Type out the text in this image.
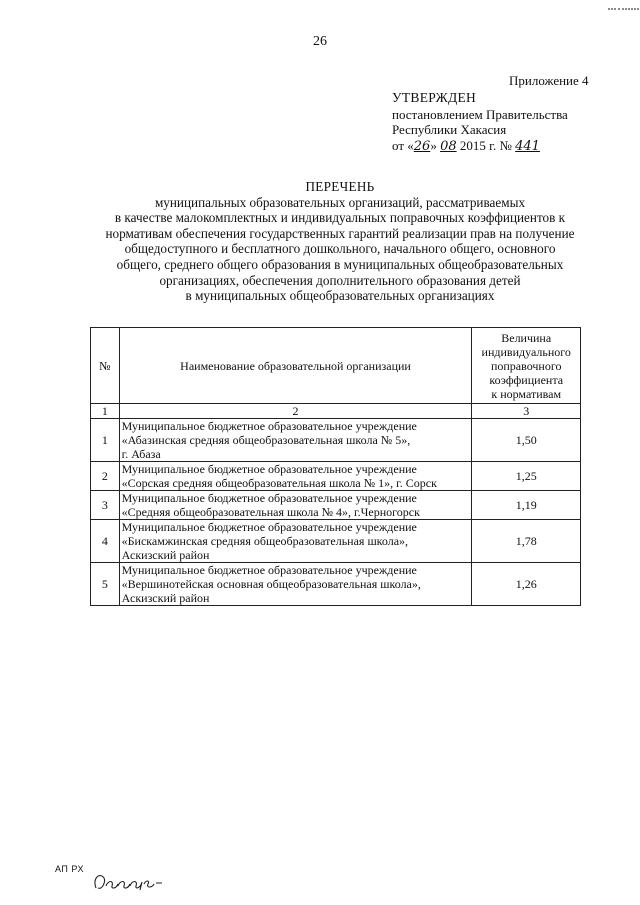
26
Приложение 4
УТВЕРЖДЕН
постановлением Правительства
Республики Хакасия
от «26» 08 2015 г. № 441
ПЕРЕЧЕНЬ
муниципальных образовательных организаций, рассматриваемых
в качестве малокомплектных и индивидуальных поправочных коэффициентов к
нормативам обеспечения государственных гарантий реализации прав на получение
общедоступного и бесплатного дошкольного, начального общего, основного
общего, среднего общего образования в муниципальных общеобразовательных
организациях, обеспечения дополнительного образования детей
в муниципальных общеобразовательных организациях
№	Наименование образовательной организации	Величина
индивидуального
поправочного
коэффициента
к нормативам

1	2	3
1	Муниципальное бюджетное образовательное учреждение
«Абазинская средняя общеобразовательная школа № 5»,
г. Абаза	1,50
2	Муниципальное бюджетное образовательное учреждение
«Сорская средняя общеобразовательная школа № 1», г. Сорск	1,25
3	Муниципальное бюджетное образовательное учреждение
«Средняя общеобразовательная школа № 4», г.Черногорск	1,19
4	Муниципальное бюджетное образовательное учреждение
«Бискамжинская средняя общеобразовательная школа»,
Аскизский район	1,78
5	Муниципальное бюджетное образовательное учреждение
«Вершинотейская основная общеобразовательная школа»,
Аскизский район	1,26
АП РХ
